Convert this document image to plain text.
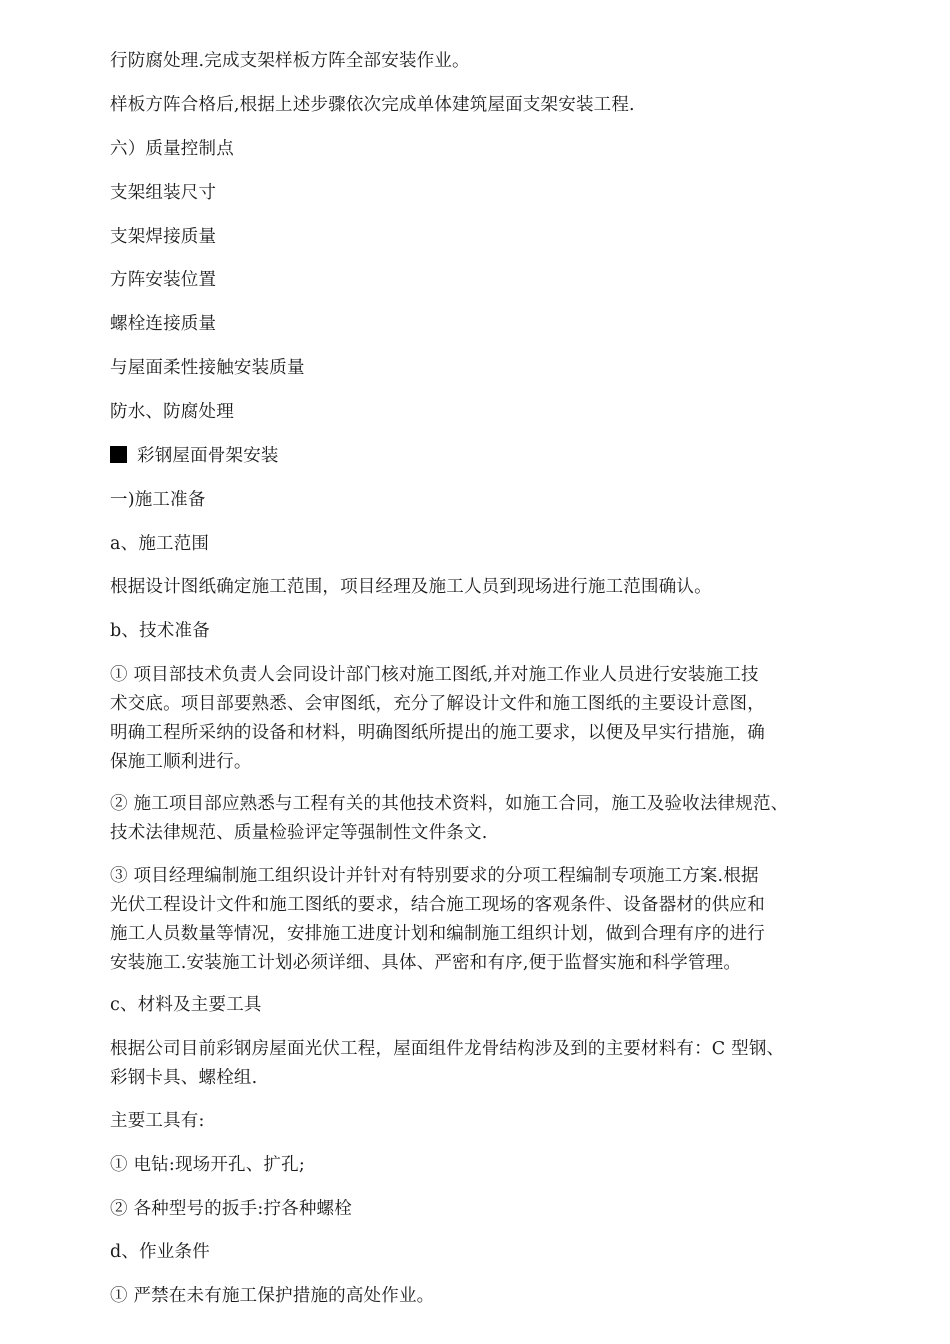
行防腐处理.完成支架样板方阵全部安装作业。
样板方阵合格后,根据上述步骤依次完成单体建筑屋面支架安装工程.
六）质量控制点
支架组装尺寸
支架焊接质量
方阵安装位置
螺栓连接质量
与屋面柔性接触安装质量
防水、防腐处理
彩钢屋面骨架安装
一)施工准备
a、施工范围
根据设计图纸确定施工范围，项目经理及施工人员到现场进行施工范围确认。
b、技术准备
① 项目部技术负责人会同设计部门核对施工图纸,并对施工作业人员进行安装施工技
术交底。项目部要熟悉、会审图纸，充分了解设计文件和施工图纸的主要设计意图，
明确工程所采纳的设备和材料，明确图纸所提出的施工要求，以便及早实行措施，确
保施工顺利进行。
② 施工项目部应熟悉与工程有关的其他技术资料，如施工合同，施工及验收法律规范、
技术法律规范、质量检验评定等强制性文件条文.
③ 项目经理编制施工组织设计并针对有特别要求的分项工程编制专项施工方案.根据
光伏工程设计文件和施工图纸的要求，结合施工现场的客观条件、设备器材的供应和
施工人员数量等情况，安排施工进度计划和编制施工组织计划，做到合理有序的进行
安装施工.安装施工计划必须详细、具体、严密和有序,便于监督实施和科学管理。
c、材料及主要工具
根据公司目前彩钢房屋面光伏工程，屋面组件龙骨结构涉及到的主要材料有：C 型钢、
彩钢卡具、螺栓组.
主要工具有:
① 电钻:现场开孔、扩孔;
② 各种型号的扳手:拧各种螺栓
d、作业条件
① 严禁在未有施工保护措施的高处作业。
